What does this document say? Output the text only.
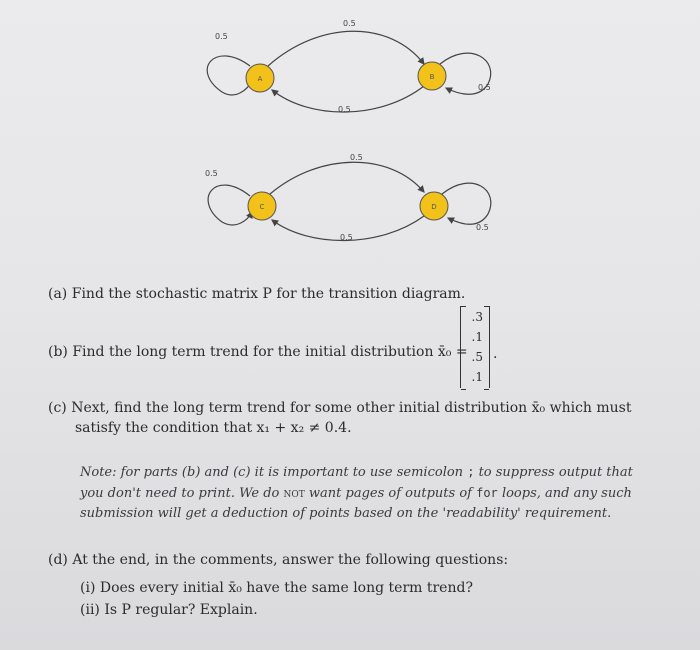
A	B
0.5
0.5
0.5
0.5
C	D
0.5
0.5
0.5
0.5
(a) Find the stochastic matrix P for the transition diagram.
(b) Find the long term trend for the initial distribution x̄₀ =
.3
.1
.5
.1
.
(c) Next, find the long term trend for some other initial distribution x̄₀ which must
satisfy the condition that x₁ + x₂ ≠ 0.4.
Note: for parts (b) and (c) it is important to use semicolon ; to suppress output that you don't need to print. We do not want pages of outputs of for loops, and any such submission will get a deduction of points based on the 'readability' requirement.
(d) At the end, in the comments, answer the following questions:
(i) Does every initial x̄₀ have the same long term trend?
(ii) Is P regular? Explain.
